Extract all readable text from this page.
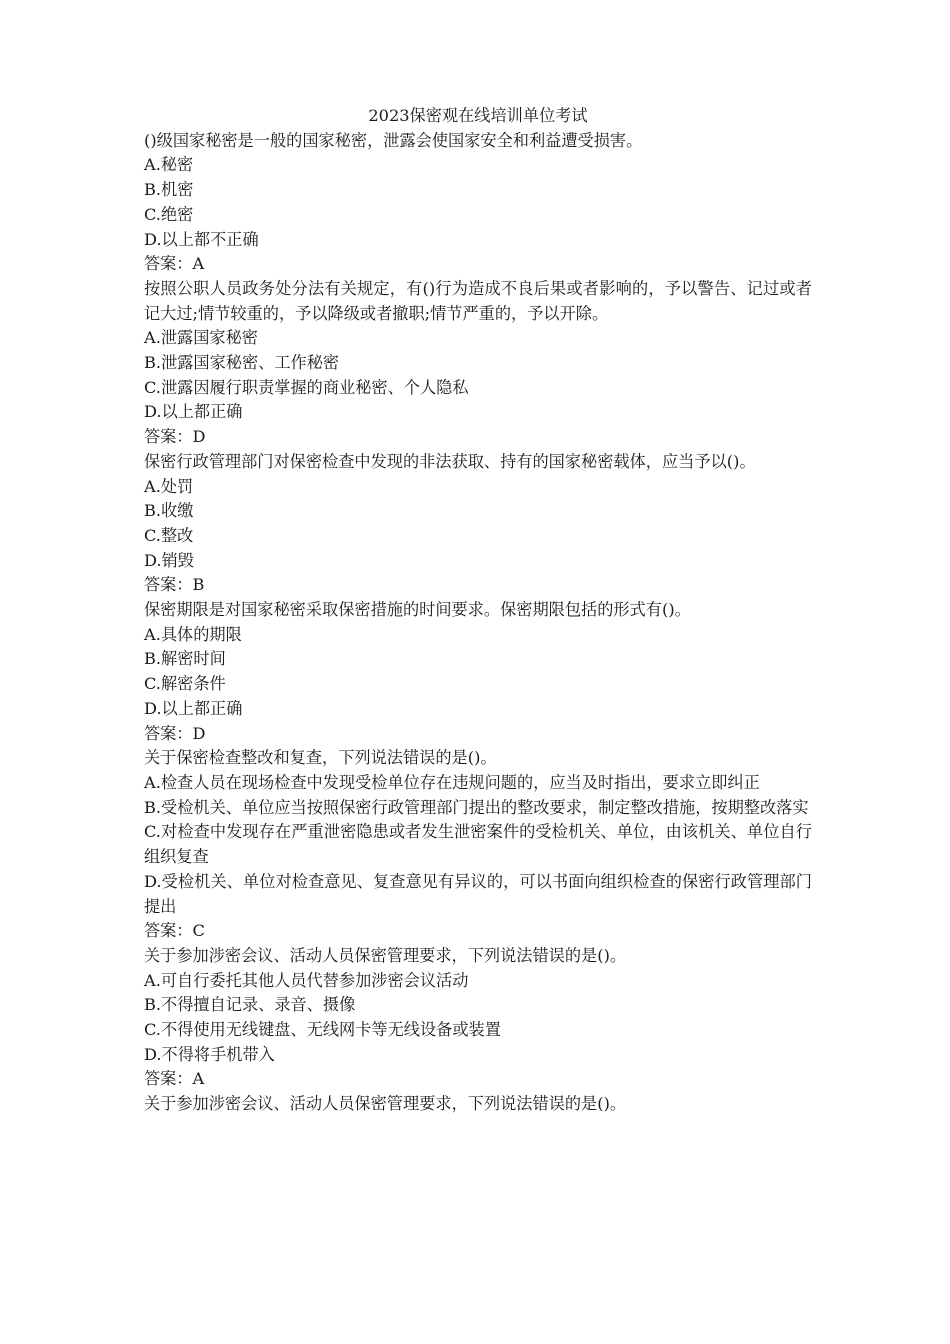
2023保密观在线培训单位考试

()级国家秘密是一般的国家秘密，泄露会使国家安全和利益遭受损害。

A.秘密

B.机密

C.绝密

D.以上都不正确

答案：A

按照公职人员政务处分法有关规定，有()行为造成不良后果或者影响的，予以警告、记过或者记大过;情节较重的，予以降级或者撤职;情节严重的，予以开除。

A.泄露国家秘密

B.泄露国家秘密、工作秘密

C.泄露因履行职责掌握的商业秘密、个人隐私

D.以上都正确

答案：D

保密行政管理部门对保密检查中发现的非法获取、持有的国家秘密载体，应当予以()。

A.处罚

B.收缴

C.整改

D.销毁

答案：B

保密期限是对国家秘密采取保密措施的时间要求。保密期限包括的形式有()。

A.具体的期限

B.解密时间

C.解密条件

D.以上都正确

答案：D

关于保密检查整改和复查，下列说法错误的是()。

A.检查人员在现场检查中发现受检单位存在违规问题的，应当及时指出，要求立即纠正

B.受检机关、单位应当按照保密行政管理部门提出的整改要求，制定整改措施，按期整改落实

C.对检查中发现存在严重泄密隐患或者发生泄密案件的受检机关、单位，由该机关、单位自行组织复查

D.受检机关、单位对检查意见、复查意见有异议的，可以书面向组织检查的保密行政管理部门提出

答案：C

关于参加涉密会议、活动人员保密管理要求，下列说法错误的是()。

A.可自行委托其他人员代替参加涉密会议活动

B.不得擅自记录、录音、摄像

C.不得使用无线键盘、无线网卡等无线设备或装置

D.不得将手机带入

答案：A

关于参加涉密会议、活动人员保密管理要求，下列说法错误的是()。
